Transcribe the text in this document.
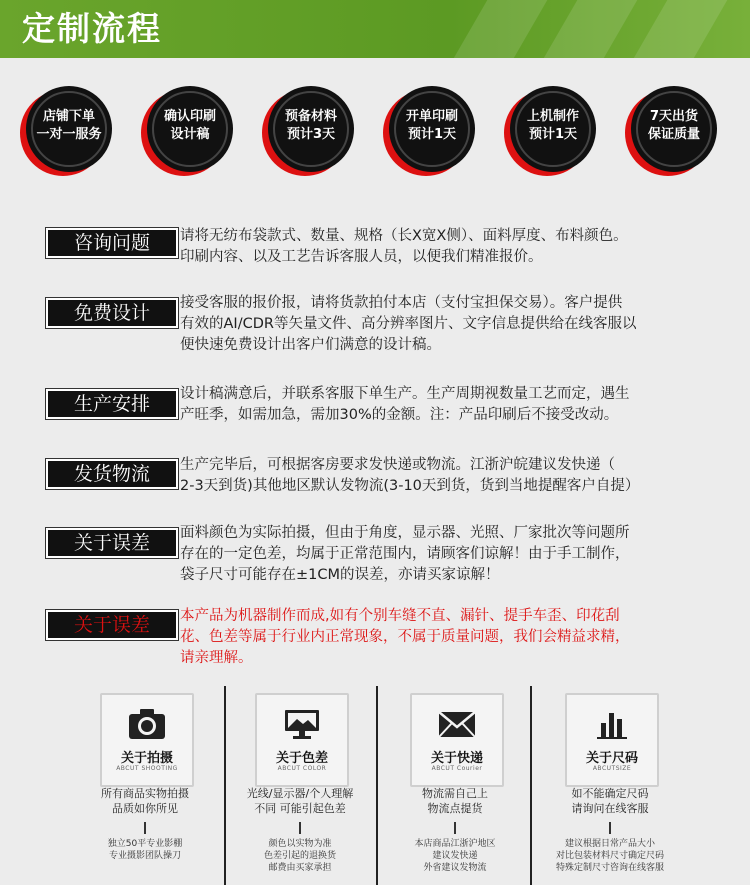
定制流程
店铺下单
一对一服务
确认印刷
设计稿
预备材料
预计3天
开单印刷
预计1天
上机制作
预计1天
7天出货
保证质量
咨询问题	请将无纺布袋款式、数量、规格（长X宽X侧）、面料厚度、布料颜色。
印刷内容、以及工艺告诉客服人员，以便我们精准报价。
免费设计	接受客服的报价报，请将货款拍付本店（支付宝担保交易）。客户提供
有效的AI/CDR等矢量文件、高分辨率图片、文字信息提供给在线客服以
便快速免费设计出客户们满意的设计稿。
生产安排	设计稿满意后，并联系客服下单生产。生产周期视数量工艺而定，遇生
产旺季，如需加急，需加30%的金额。注：产品印刷后不接受改动。
发货物流	生产完毕后，可根据客房要求发快递或物流。江浙沪皖建议发快递（
2-3天到货)其他地区默认发物流(3-10天到货，货到当地提醒客户自提）
关于误差	面料颜色为实际拍摄，但由于角度，显示器、光照、厂家批次等问题所
存在的一定色差，均属于正常范围内，请顾客们谅解！由于手工制作，
袋子尺寸可能存在±1CM的误差，亦请买家谅解！
关于误差	本产品为机器制作而成,如有个别车缝不直、漏针、提手车歪、印花刮
花、色差等属于行业内正常现象，不属于质量问题，我们会精益求精，
请亲理解。
关于拍摄
ABCUT SHOOTING
所有商品实物拍摄
品质如你所见
独立50平专业影棚
专业摄影团队操刀
关于色差
ABCUT COLOR
光线/显示器/个人理解
不同 可能引起色差
颜色以实物为准
色差引起的退换货
邮费由买家承担
关于快递
ABCUT Courier
物流需自己上
物流点提货
本店商品江浙沪地区
建议发快递
外省建议发物流
关于尺码
ABCUTSIZE
如不能确定尺码
请询问在线客服
建议根据日常产品大小
对比包装材料尺寸确定尺码
特殊定制尺寸咨询在线客服
